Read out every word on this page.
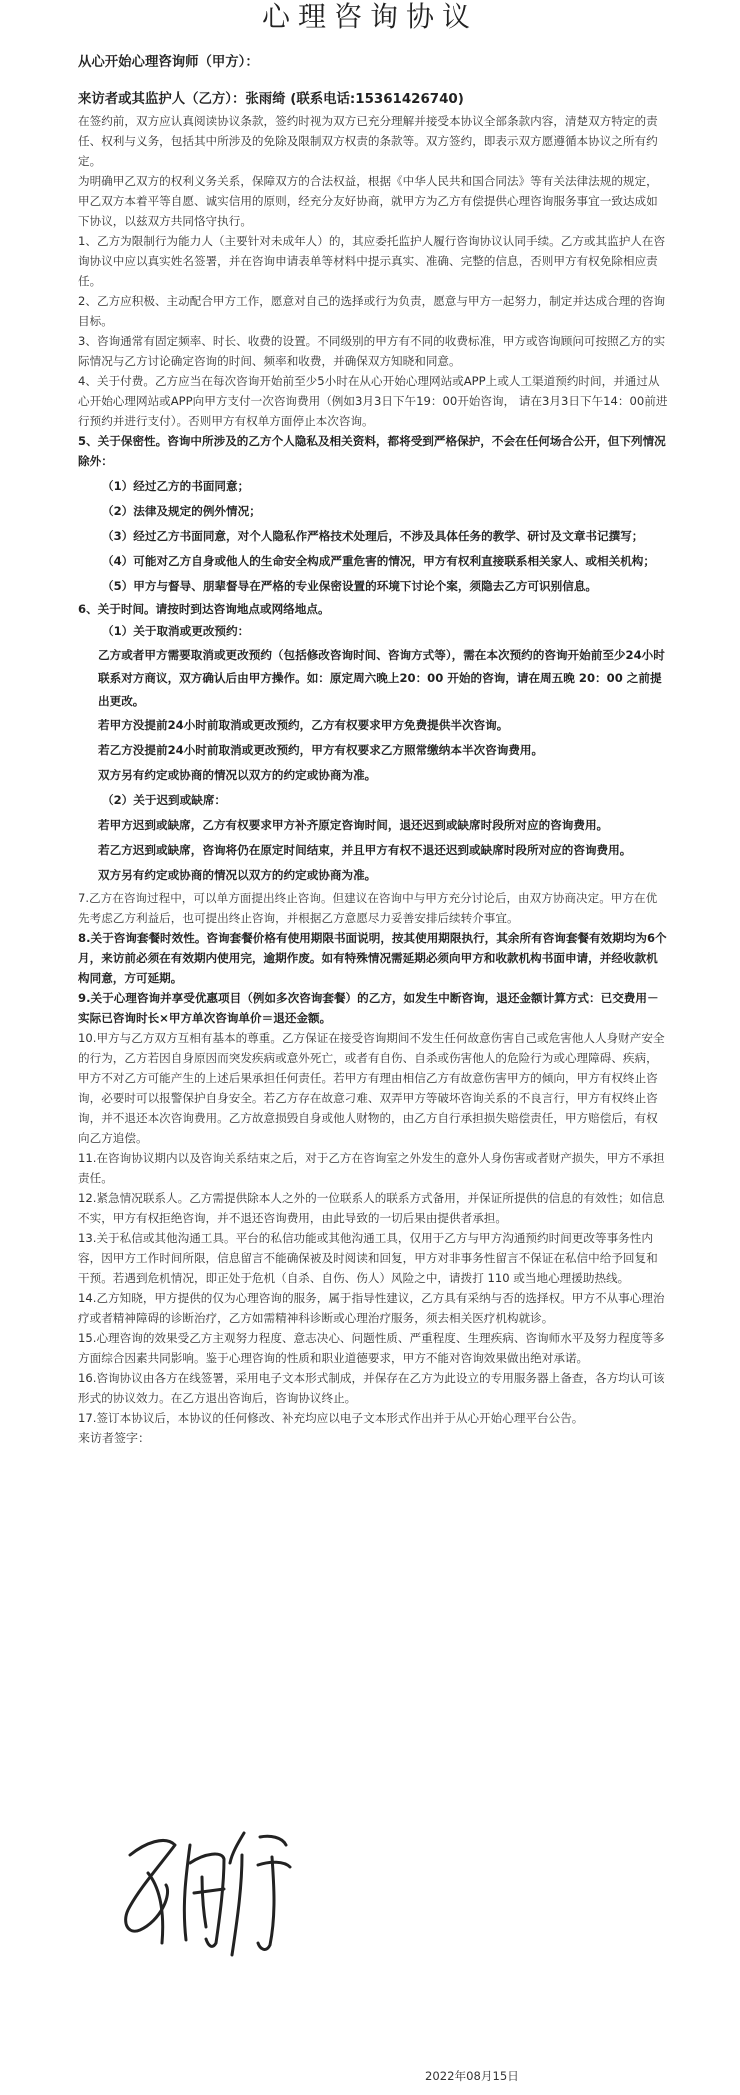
心理咨询协议

从心开始心理咨询师（甲方）：

来访者或其监护人（乙方）：张雨绮 (联系电话:15361426740)

在签约前，双方应认真阅读协议条款，签约时视为双方已充分理解并接受本协议全部条款内容，清楚双方特定的责任、权利与义务，包括其中所涉及的免除及限制双方权责的条款等。双方签约，即表示双方愿遵循本协议之所有约定。

为明确甲乙双方的权利义务关系，保障双方的合法权益，根据《中华人民共和国合同法》等有关法律法规的规定，甲乙双方本着平等自愿、诚实信用的原则，经充分友好协商，就甲方为乙方有偿提供心理咨询服务事宜一致达成如下协议，以兹双方共同恪守执行。

1、乙方为限制行为能力人（主要针对未成年人）的，其应委托监护人履行咨询协议认同手续。乙方或其监护人在咨询协议中应以真实姓名签署，并在咨询申请表单等材料中提示真实、准确、完整的信息，否则甲方有权免除相应责任。

2、乙方应积极、主动配合甲方工作，愿意对自己的选择或行为负责，愿意与甲方一起努力，制定并达成合理的咨询目标。

3、咨询通常有固定频率、时长、收费的设置。不同级别的甲方有不同的收费标准，甲方或咨询顾问可按照乙方的实际情况与乙方讨论确定咨询的时间、频率和收费，并确保双方知晓和同意。

4、关于付费。乙方应当在每次咨询开始前至少5小时在从心开始心理网站或APP上或人工渠道预约时间，并通过从心开始心理网站或APP向甲方支付一次咨询费用（例如3月3日下午19：00开始咨询， 请在3月3日下午14：00前进行预约并进行支付）。否则甲方有权单方面停止本次咨询。

5、关于保密性。咨询中所涉及的乙方个人隐私及相关资料，都将受到严格保护，不会在任何场合公开，但下列情况除外：

（1）经过乙方的书面同意；

（2）法律及规定的例外情况；

（3）经过乙方书面同意，对个人隐私作严格技术处理后，不涉及具体任务的教学、研讨及文章书记撰写；

（4）可能对乙方自身或他人的生命安全构成严重危害的情况，甲方有权利直接联系相关家人、或相关机构；

（5）甲方与督导、朋辈督导在严格的专业保密设置的环境下讨论个案，须隐去乙方可识别信息。

6、关于时间。请按时到达咨询地点或网络地点。

（1）关于取消或更改预约：

乙方或者甲方需要取消或更改预约（包括修改咨询时间、咨询方式等），需在本次预约的咨询开始前至少24小时联系对方商议，双方确认后由甲方操作。如：原定周六晚上20：00 开始的咨询，请在周五晚 20：00 之前提出更改。

若甲方没提前24小时前取消或更改预约，乙方有权要求甲方免费提供半次咨询。

若乙方没提前24小时前取消或更改预约，甲方有权要求乙方照常缴纳本半次咨询费用。

双方另有约定或协商的情况以双方的约定或协商为准。

（2）关于迟到或缺席：

若甲方迟到或缺席，乙方有权要求甲方补齐原定咨询时间，退还迟到或缺席时段所对应的咨询费用。

若乙方迟到或缺席，咨询将仍在原定时间结束，并且甲方有权不退还迟到或缺席时段所对应的咨询费用。

双方另有约定或协商的情况以双方的约定或协商为准。

7.乙方在咨询过程中，可以单方面提出终止咨询。但建议在咨询中与甲方充分讨论后，由双方协商决定。甲方在优先考虑乙方利益后，也可提出终止咨询，并根据乙方意愿尽力妥善安排后续转介事宜。

8.关于咨询套餐时效性。咨询套餐价格有使用期限书面说明，按其使用期限执行，其余所有咨询套餐有效期均为6个月，来访前必须在有效期内使用完，逾期作废。如有特殊情况需延期必须向甲方和收款机构书面申请，并经收款机构同意，方可延期。

9.关于心理咨询并享受优惠项目（例如多次咨询套餐）的乙方，如发生中断咨询，退还金额计算方式：已交费用－实际已咨询时长×甲方单次咨询单价＝退还金额。

10.甲方与乙方双方互相有基本的尊重。乙方保证在接受咨询期间不发生任何故意伤害自己或危害他人人身财产安全的行为，乙方若因自身原因而突发疾病或意外死亡，或者有自伤、自杀或伤害他人的危险行为或心理障碍、疾病，甲方不对乙方可能产生的上述后果承担任何责任。若甲方有理由相信乙方有故意伤害甲方的倾向，甲方有权终止咨询，必要时可以报警保护自身安全。若乙方存在故意刁难、双弄甲方等破坏咨询关系的不良言行，甲方有权终止咨询，并不退还本次咨询费用。乙方故意损毁自身或他人财物的，由乙方自行承担损失赔偿责任，甲方赔偿后，有权向乙方追偿。

11.在咨询协议期内以及咨询关系结束之后，对于乙方在咨询室之外发生的意外人身伤害或者财产损失，甲方不承担责任。

12.紧急情况联系人。乙方需提供除本人之外的一位联系人的联系方式备用，并保证所提供的信息的有效性；如信息不实，甲方有权拒绝咨询，并不退还咨询费用，由此导致的一切后果由提供者承担。

13.关于私信或其他沟通工具。平台的私信功能或其他沟通工具，仅用于乙方与甲方沟通预约时间更改等事务性内容，因甲方工作时间所限，信息留言不能确保被及时阅读和回复，甲方对非事务性留言不保证在私信中给予回复和干预。若遇到危机情况，即正处于危机（自杀、自伤、伤人）风险之中，请拨打 110 或当地心理援助热线。

14.乙方知晓，甲方提供的仅为心理咨询的服务，属于指导性建议，乙方具有采纳与否的选择权。甲方不从事心理治疗或者精神障碍的诊断治疗，乙方如需精神科诊断或心理治疗服务，须去相关医疗机构就诊。

15.心理咨询的效果受乙方主观努力程度、意志决心、问题性质、严重程度、生理疾病、咨询师水平及努力程度等多方面综合因素共同影响。鉴于心理咨询的性质和职业道德要求，甲方不能对咨询效果做出绝对承诺。

16.咨询协议由各方在线签署，采用电子文本形式制成，并保存在乙方为此设立的专用服务器上备查，各方均认可该形式的协议效力。在乙方退出咨询后，咨询协议终止。

17.签订本协议后，本协议的任何修改、补充均应以电子文本形式作出并于从心开始心理平台公告。

来访者签字：

2022年08月15日
